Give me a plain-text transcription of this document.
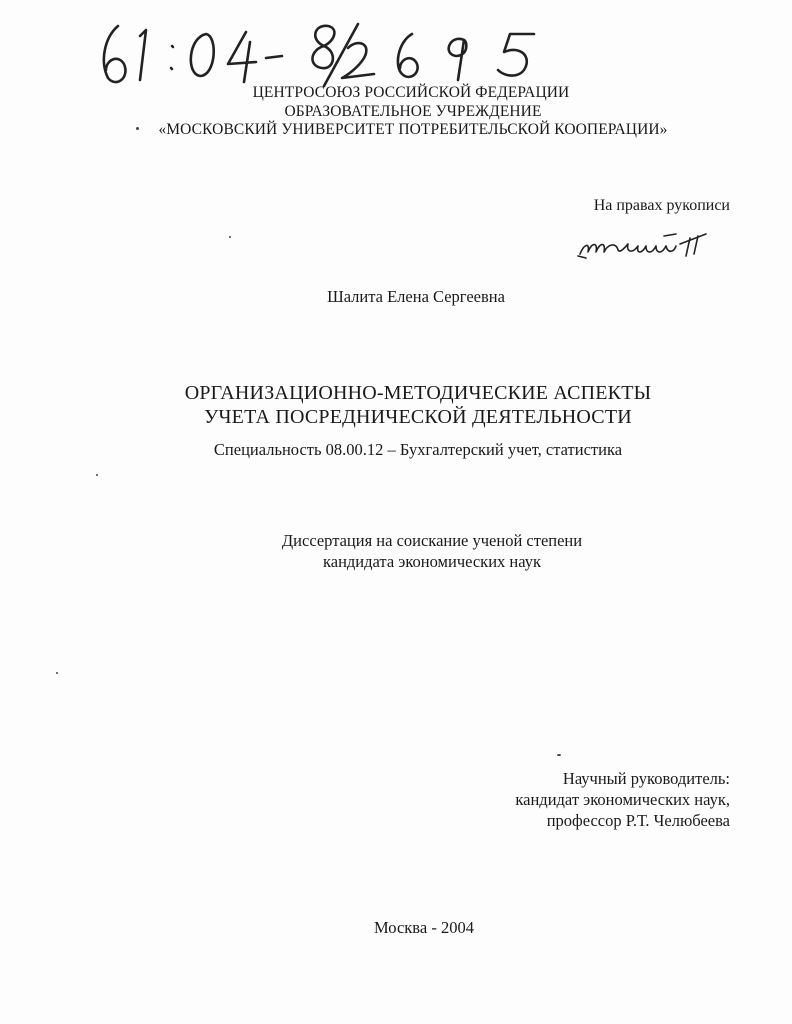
ЦЕНТРОСОЮЗ РОССИЙСКОЙ ФЕДЕРАЦИИ
ОБРАЗОВАТЕЛЬНОЕ УЧРЕЖДЕНИЕ
«МОСКОВСКИЙ УНИВЕРСИТЕТ ПОТРЕБИТЕЛЬСКОЙ КООПЕРАЦИИ»
На правах рукописи
Шалита Елена Сергеевна
ОРГАНИЗАЦИОННО-МЕТОДИЧЕСКИЕ АСПЕКТЫ
УЧЕТА ПОСРЕДНИЧЕСКОЙ ДЕЯТЕЛЬНОСТИ
Специальность 08.00.12 – Бухгалтерский учет, статистика
Диссертация на соискание ученой степени
кандидата экономических наук
Научный руководитель:
кандидат экономических наук,
профессор Р.Т. Челюбеева
Москва - 2004
